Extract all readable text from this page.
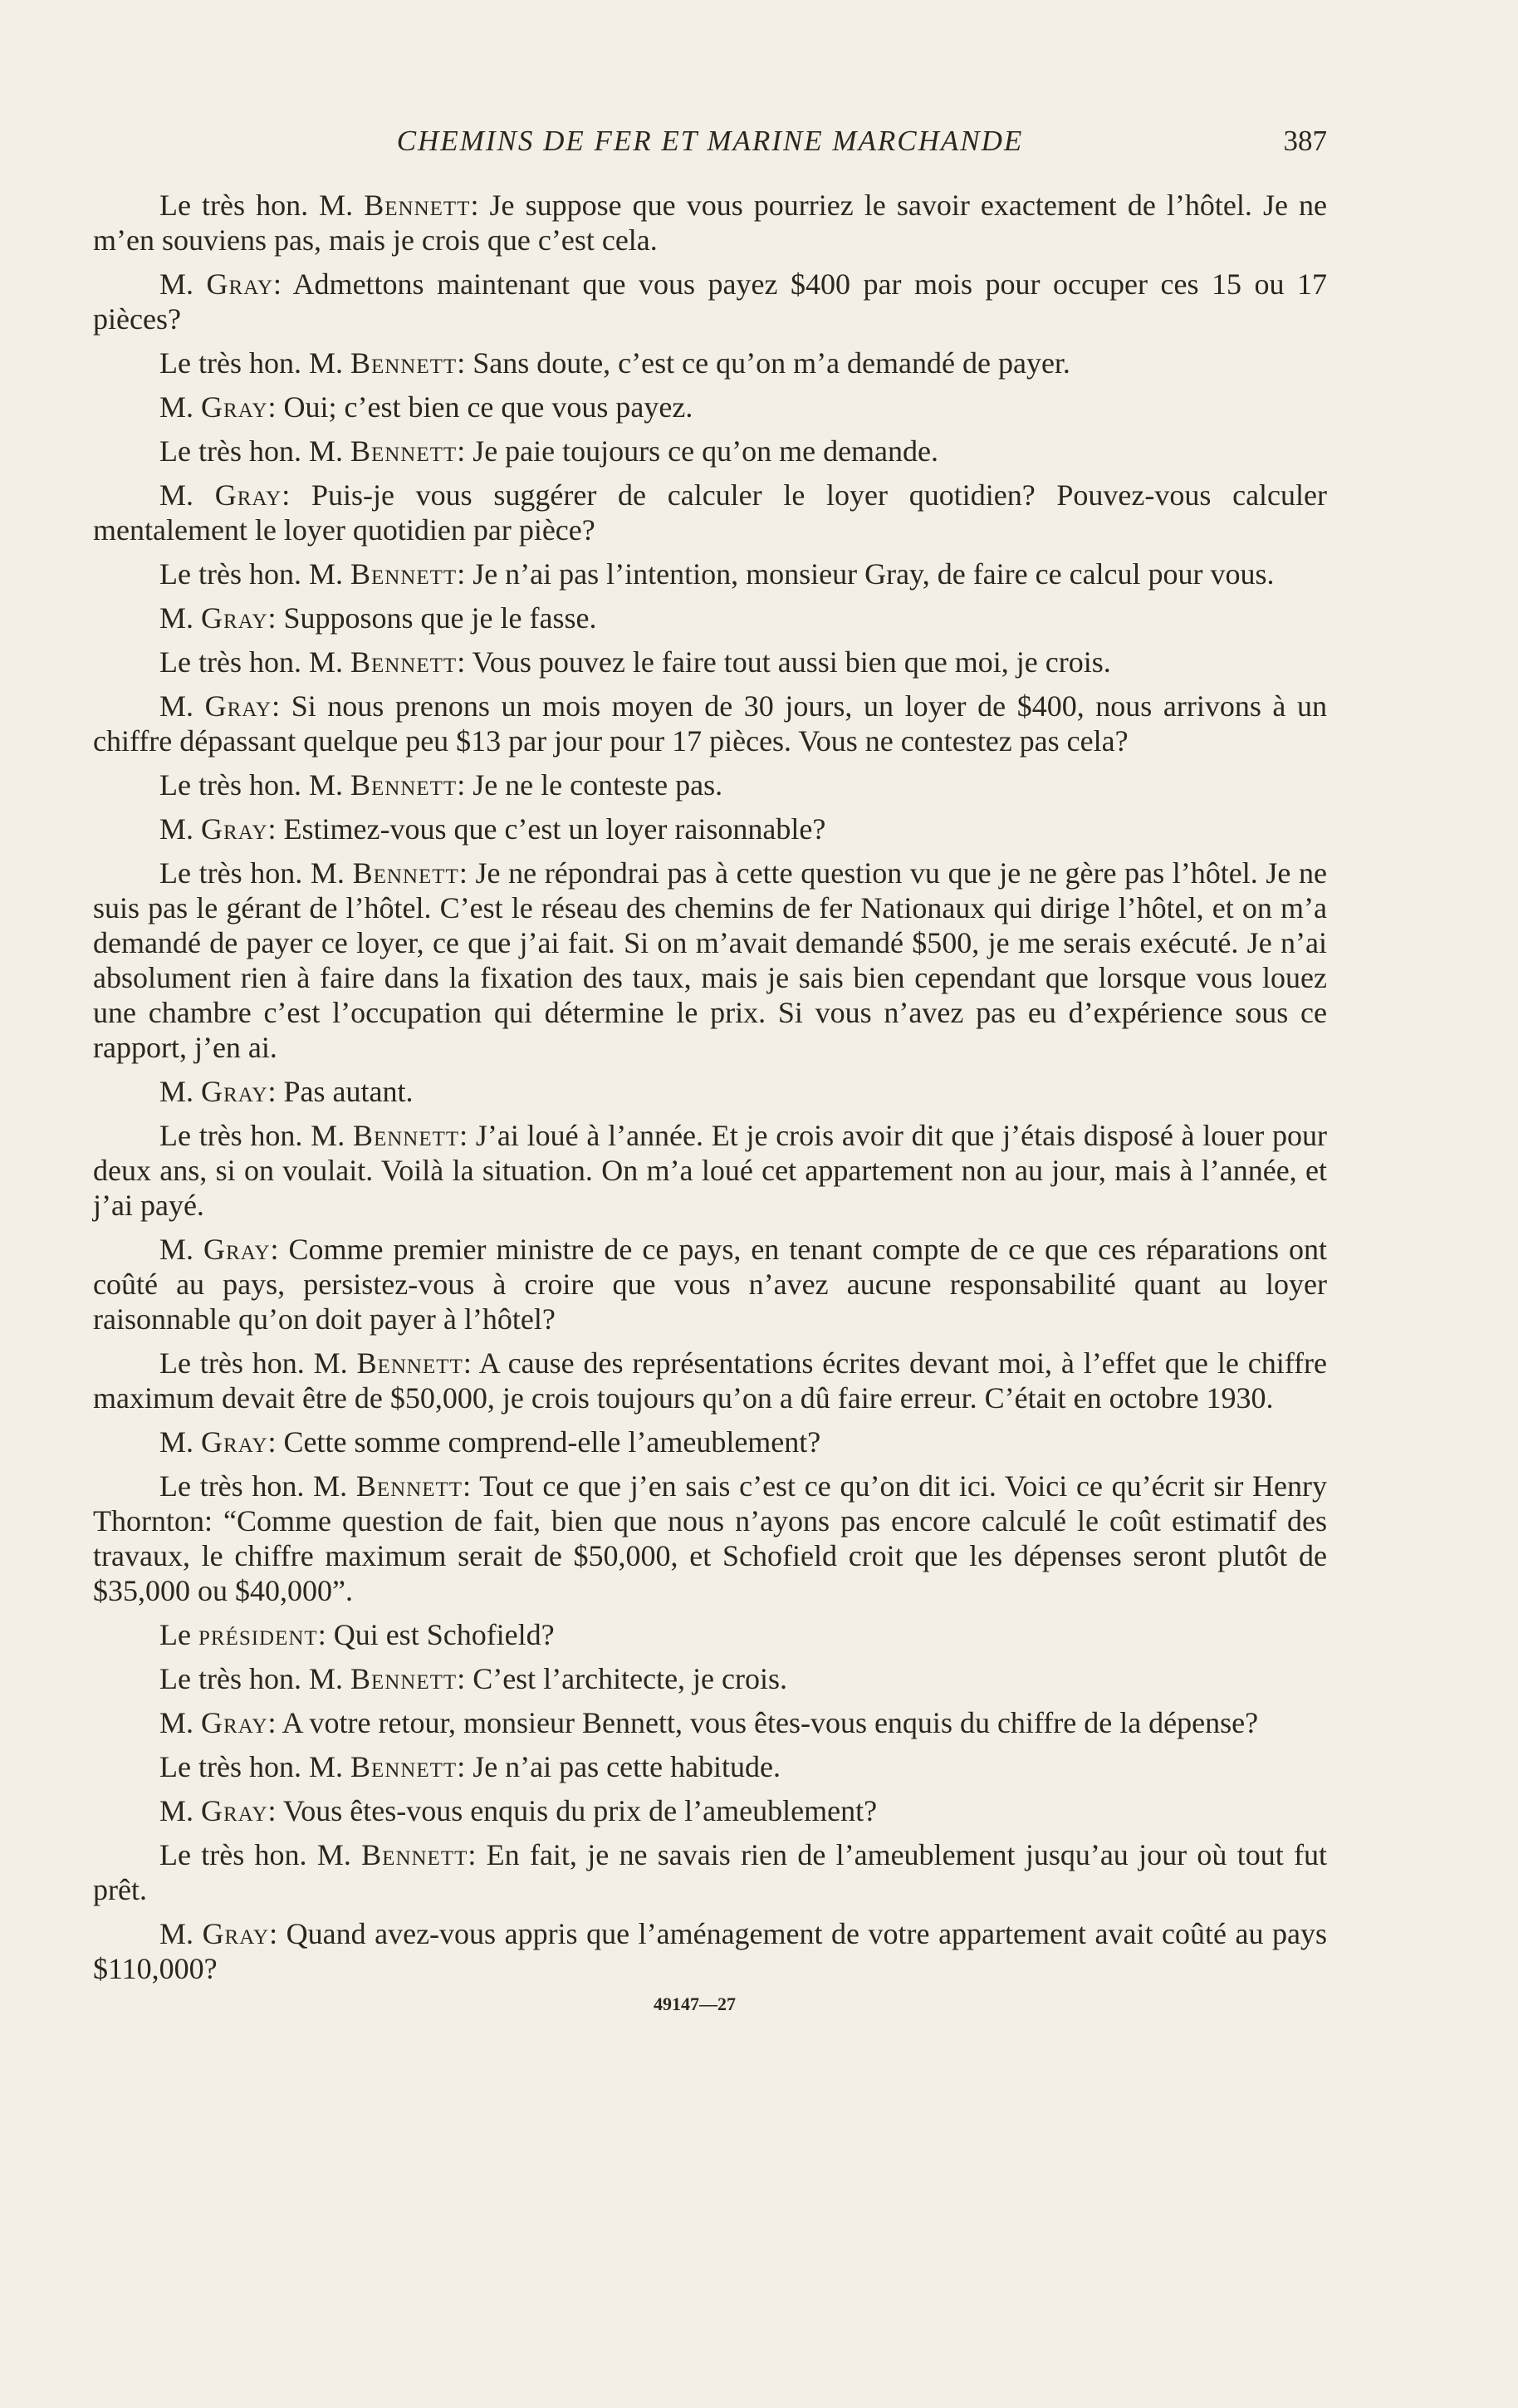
CHEMINS DE FER ET MARINE MARCHANDE	387

Le très hon. M. Bennett: Je suppose que vous pourriez le savoir exactement de l’hôtel. Je ne m’en souviens pas, mais je crois que c’est cela.

M. Gray: Admettons maintenant que vous payez $400 par mois pour occuper ces 15 ou 17 pièces?

Le très hon. M. Bennett: Sans doute, c’est ce qu’on m’a demandé de payer.

M. Gray: Oui; c’est bien ce que vous payez.

Le très hon. M. Bennett: Je paie toujours ce qu’on me demande.

M. Gray: Puis-je vous suggérer de calculer le loyer quotidien? Pouvez-vous calculer mentalement le loyer quotidien par pièce?

Le très hon. M. Bennett: Je n’ai pas l’intention, monsieur Gray, de faire ce calcul pour vous.

M. Gray: Supposons que je le fasse.

Le très hon. M. Bennett: Vous pouvez le faire tout aussi bien que moi, je crois.

M. Gray: Si nous prenons un mois moyen de 30 jours, un loyer de $400, nous arrivons à un chiffre dépassant quelque peu $13 par jour pour 17 pièces. Vous ne contestez pas cela?

Le très hon. M. Bennett: Je ne le conteste pas.

M. Gray: Estimez-vous que c’est un loyer raisonnable?

Le très hon. M. Bennett: Je ne répondrai pas à cette question vu que je ne gère pas l’hôtel. Je ne suis pas le gérant de l’hôtel. C’est le réseau des chemins de fer Nationaux qui dirige l’hôtel, et on m’a demandé de payer ce loyer, ce que j’ai fait. Si on m’avait demandé $500, je me serais exécuté. Je n’ai absolument rien à faire dans la fixation des taux, mais je sais bien cependant que lorsque vous louez une chambre c’est l’occupation qui détermine le prix. Si vous n’avez pas eu d’expérience sous ce rapport, j’en ai.

M. Gray: Pas autant.

Le très hon. M. Bennett: J’ai loué à l’année. Et je crois avoir dit que j’étais disposé à louer pour deux ans, si on voulait. Voilà la situation. On m’a loué cet appartement non au jour, mais à l’année, et j’ai payé.

M. Gray: Comme premier ministre de ce pays, en tenant compte de ce que ces réparations ont coûté au pays, persistez-vous à croire que vous n’avez aucune responsabilité quant au loyer raisonnable qu’on doit payer à l’hôtel?

Le très hon. M. Bennett: A cause des représentations écrites devant moi, à l’effet que le chiffre maximum devait être de $50,000, je crois toujours qu’on a dû faire erreur. C’était en octobre 1930.

M. Gray: Cette somme comprend-elle l’ameublement?

Le très hon. M. Bennett: Tout ce que j’en sais c’est ce qu’on dit ici. Voici ce qu’écrit sir Henry Thornton: “Comme question de fait, bien que nous n’ayons pas encore calculé le coût estimatif des travaux, le chiffre maximum serait de $50,000, et Schofield croit que les dépenses seront plutôt de $35,000 ou $40,000”.

Le président: Qui est Schofield?

Le très hon. M. Bennett: C’est l’architecte, je crois.

M. Gray: A votre retour, monsieur Bennett, vous êtes-vous enquis du chiffre de la dépense?

Le très hon. M. Bennett: Je n’ai pas cette habitude.

M. Gray: Vous êtes-vous enquis du prix de l’ameublement?

Le très hon. M. Bennett: En fait, je ne savais rien de l’ameublement jusqu’au jour où tout fut prêt.

M. Gray: Quand avez-vous appris que l’aménagement de votre appartement avait coûté au pays $110,000?

49147—27
